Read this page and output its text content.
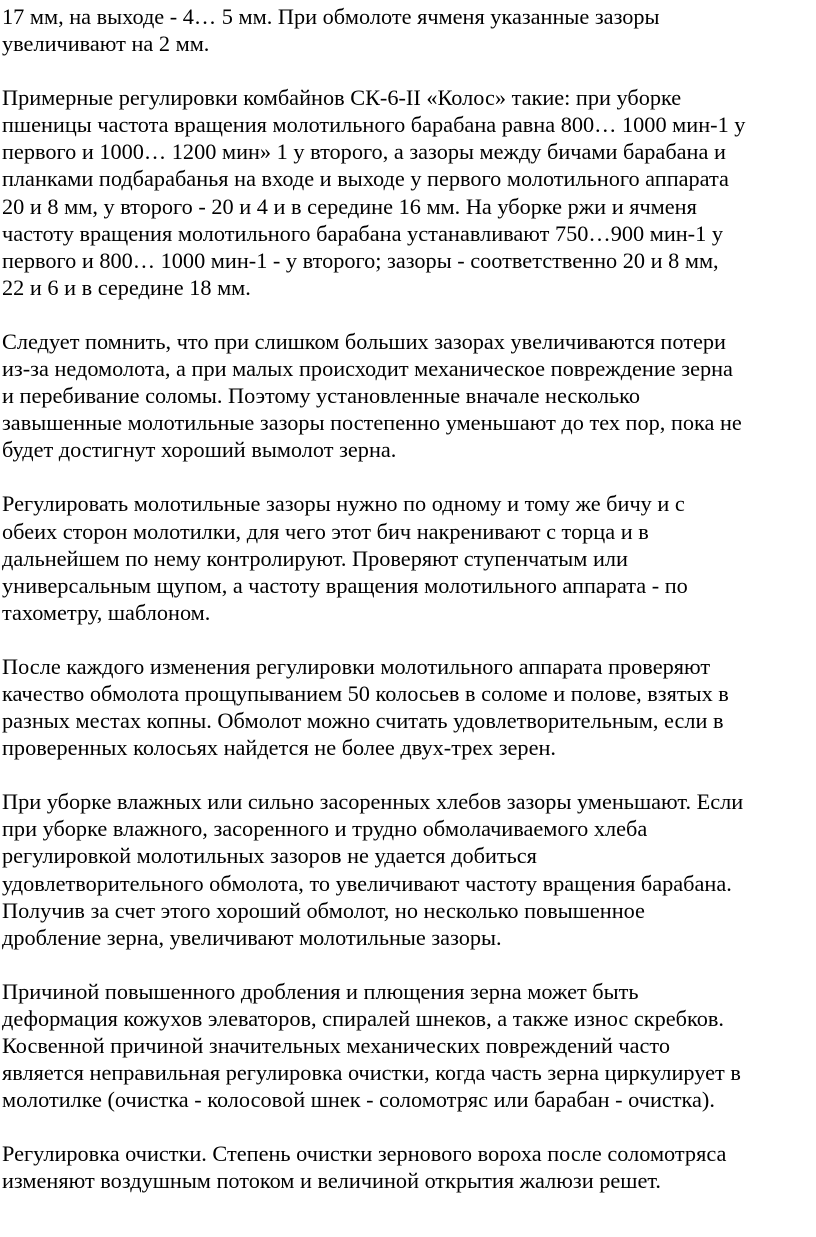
17 мм, на выходе - 4… 5 мм. При обмолоте ячменя указанные зазоры
увеличивают на 2 мм.

Примерные регулировки комбайнов СК-6-II «Колос» такие: при уборке
пшеницы частота вращения молотильного барабана равна 800… 1000 мин-1 у
первого и 1000… 1200 мин» 1 у второго, а зазоры между бичами барабана и
планками подбарабанья на входе и выходе у первого молотильного аппарата
20 и 8 мм, у второго - 20 и 4 и в середине 16 мм. На уборке ржи и ячменя
частоту вращения молотильного барабана устанавливают 750…900 мин-1 у
первого и 800… 1000 мин-1 - у второго; зазоры - соответственно 20 и 8 мм,
22 и 6 и в середине 18 мм.

Следует помнить, что при слишком больших зазорах увеличиваются потери
из-за недомолота, а при малых происходит механическое повреждение зерна
и перебивание соломы. Поэтому установленные вначале несколько
завышенные молотильные зазоры постепенно уменьшают до тех пор, пока не
будет достигнут хороший вымолот зерна.

Регулировать молотильные зазоры нужно по одному и тому же бичу и с
обеих сторон молотилки, для чего этот бич накренивают с торца и в
дальнейшем по нему контролируют. Проверяют ступенчатым или
универсальным щупом, а частоту вращения молотильного аппарата - по
тахометру, шаблоном.

После каждого изменения регулировки молотильного аппарата проверяют
качество обмолота прощупыванием 50 колосьев в соломе и полове, взятых в
разных местах копны. Обмолот можно считать удовлетворительным, если в
проверенных колосьях найдется не более двух-трех зерен.

При уборке влажных или сильно засоренных хлебов зазоры уменьшают. Если
при уборке влажного, засоренного и трудно обмолачиваемого хлеба
регулировкой молотильных зазоров не удается добиться
удовлетворительного обмолота, то увеличивают частоту вращения барабана.
Получив за счет этого хороший обмолот, но несколько повышенное
дробление зерна, увеличивают молотильные зазоры.

Причиной повышенного дробления и плющения зерна может быть
деформация кожухов элеваторов, спиралей шнеков, а также износ скребков.
Косвенной причиной значительных механических повреждений часто
является неправильная регулировка очистки, когда часть зерна циркулирует в
молотилке (очистка - колосовой шнек - соломотряс или барабан - очистка).

Регулировка очистки. Степень очистки зернового вороха после соломотряса
изменяют воздушным потоком и величиной открытия жалюзи решет.
